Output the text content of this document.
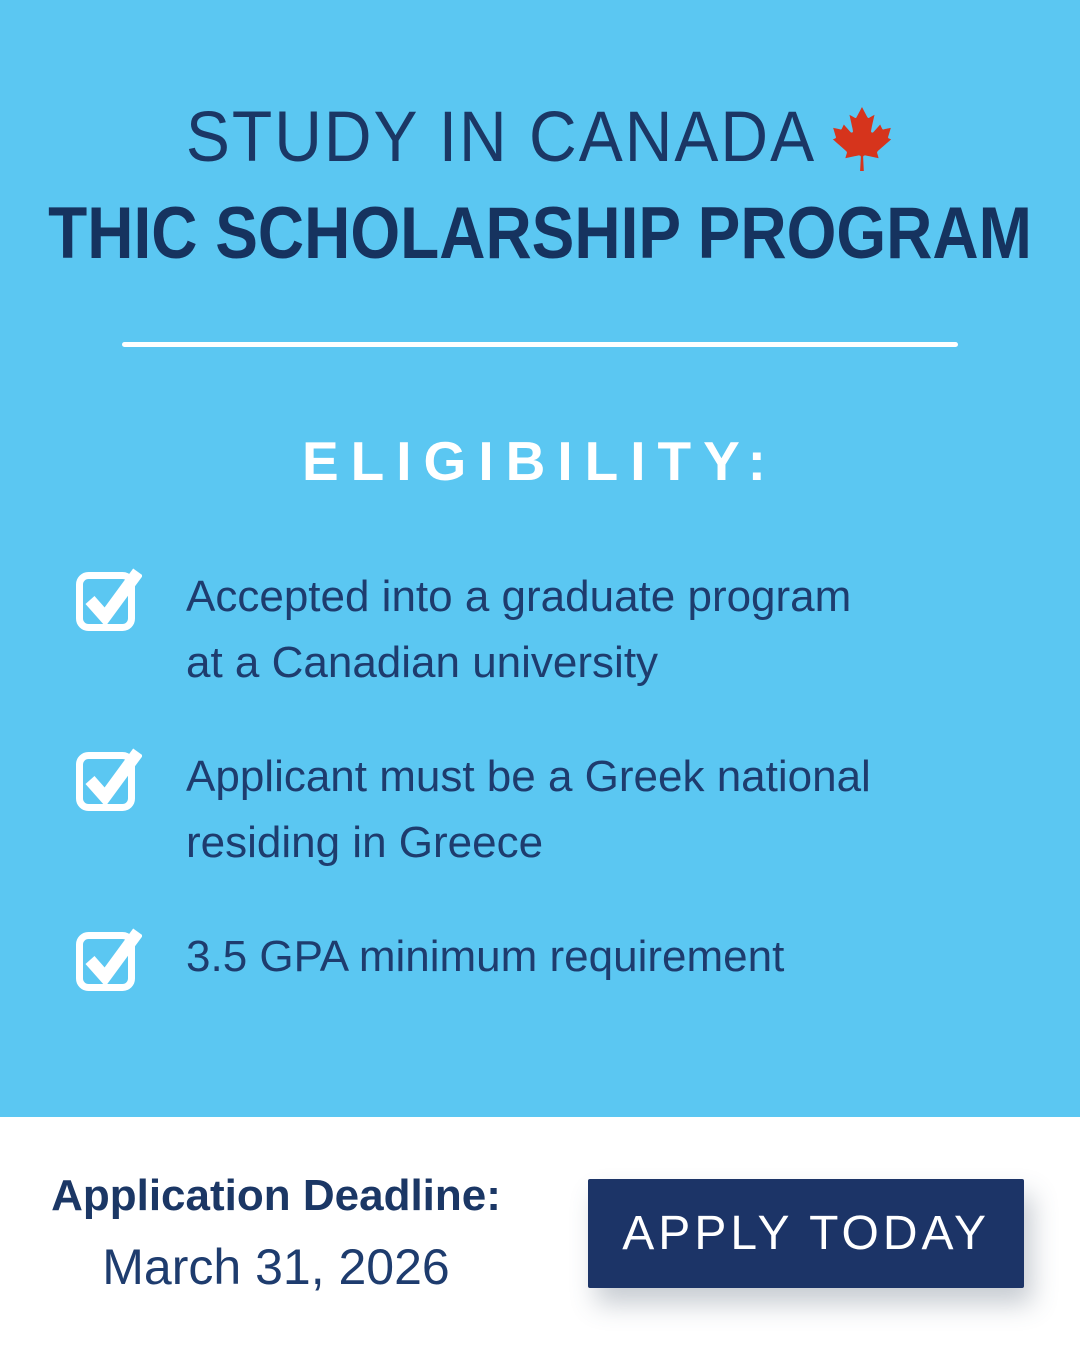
STUDY IN CANADA
THIC SCHOLARSHIP PROGRAM
ELIGIBILITY:
Accepted into a graduate program
at a Canadian university
Applicant must be a Greek national
residing in Greece
3.5 GPA minimum requirement
Application Deadline:
March 31, 2026
APPLY TODAY
